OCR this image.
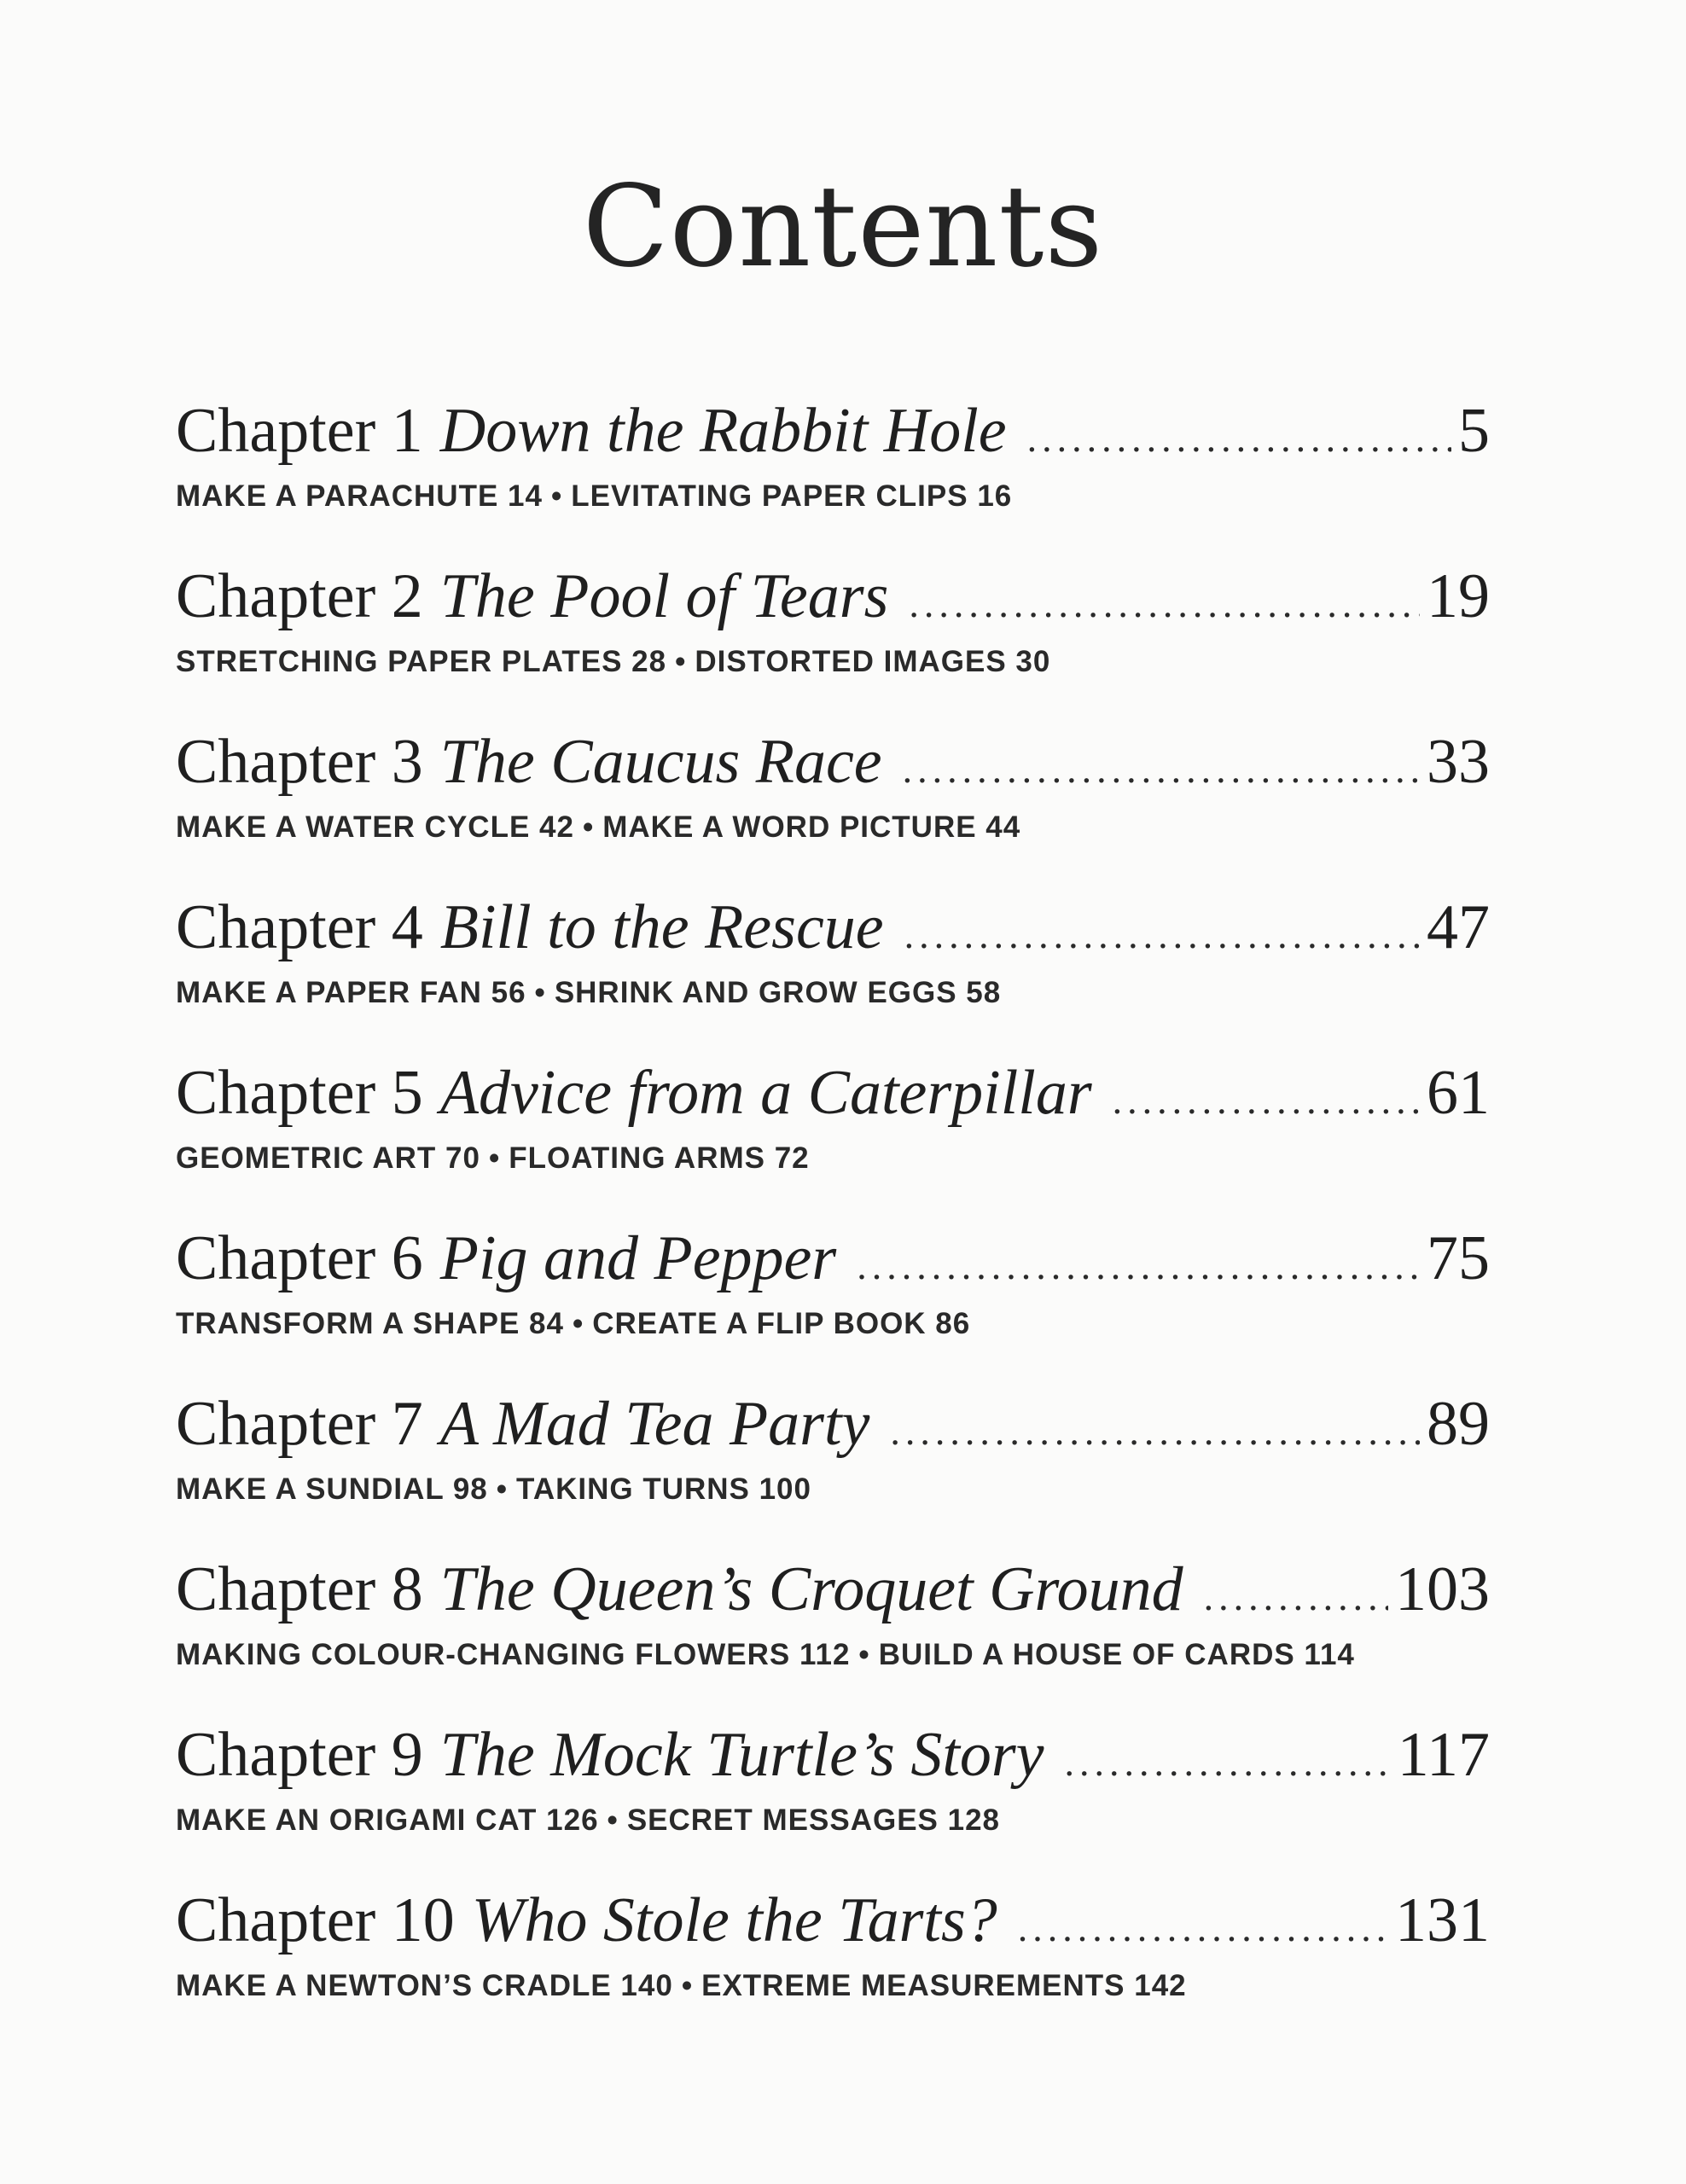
Contents
Chapter 1 Down the Rabbit Hole .....	5
MAKE A PARACHUTE 14 • LEVITATING PAPER CLIPS 16
Chapter 2 The Pool of Tears .....	19
STRETCHING PAPER PLATES 28 • DISTORTED IMAGES 30
Chapter 3 The Caucus Race .....	33
MAKE A WATER CYCLE 42 • MAKE A WORD PICTURE 44
Chapter 4 Bill to the Rescue .....	47
MAKE A PAPER FAN 56 • SHRINK AND GROW EGGS 58
Chapter 5 Advice from a Caterpillar .....	61
GEOMETRIC ART 70 • FLOATING ARMS 72
Chapter 6 Pig and Pepper .....	75
TRANSFORM A SHAPE 84 • CREATE A FLIP BOOK 86
Chapter 7 A Mad Tea Party .....	89
MAKE A SUNDIAL 98 • TAKING TURNS 100
Chapter 8 The Queen’s Croquet Ground .....	103
MAKING COLOUR-CHANGING FLOWERS 112 • BUILD A HOUSE OF CARDS 114
Chapter 9 The Mock Turtle’s Story .....	117
MAKE AN ORIGAMI CAT 126 • SECRET MESSAGES 128
Chapter 10 Who Stole the Tarts? .....	131
MAKE A NEWTON’S CRADLE 140 • EXTREME MEASUREMENTS 142
